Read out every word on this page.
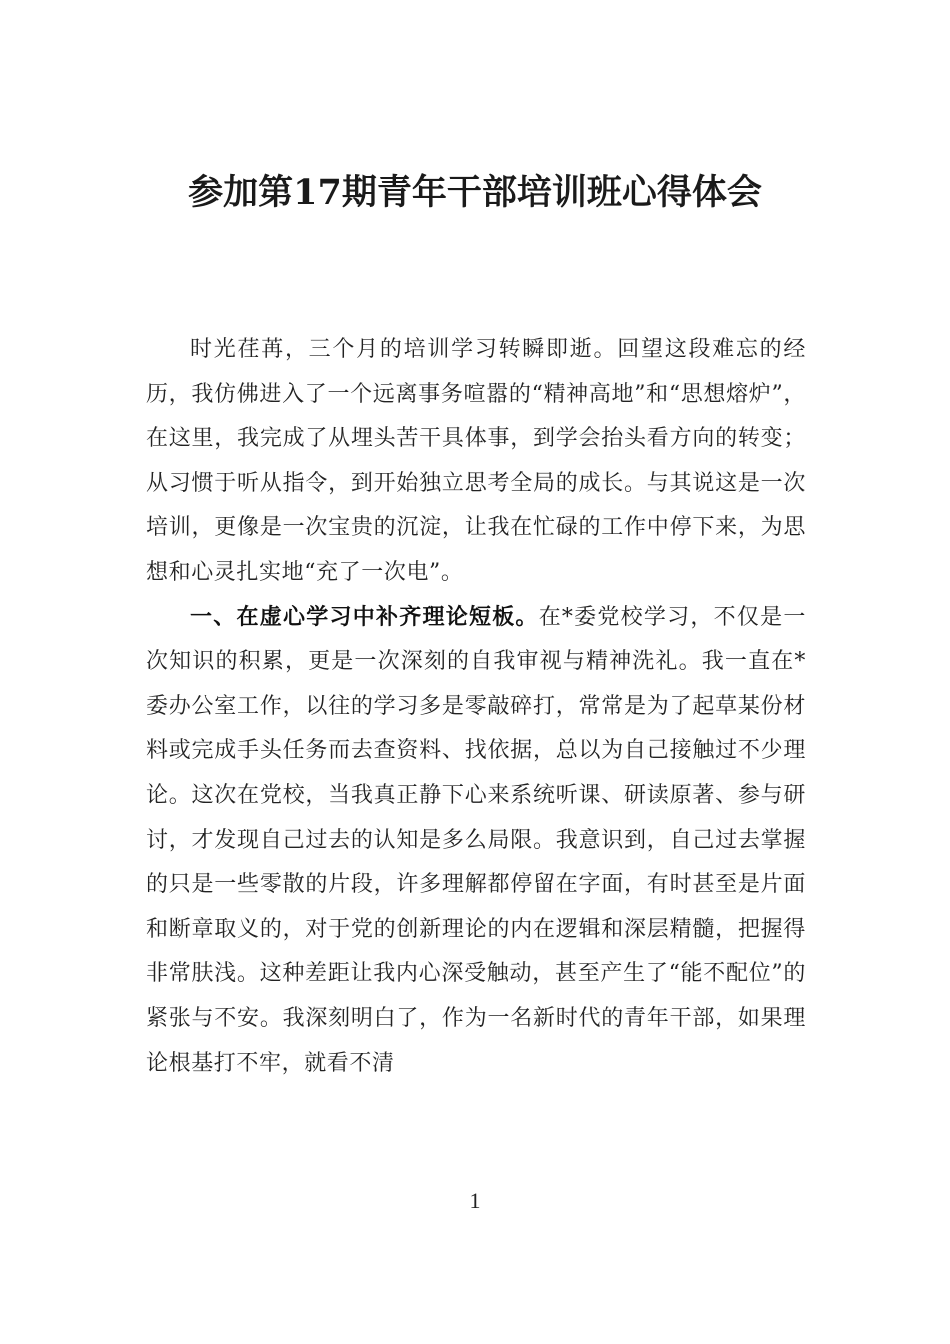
参加第17期青年干部培训班心得体会

时光荏苒，三个月的培训学习转瞬即逝。回望这段难忘的经历，我仿佛进入了一个远离事务喧嚣的“精神高地”和“思想熔炉”，在这里，我完成了从埋头苦干具体事，到学会抬头看方向的转变；从习惯于听从指令，到开始独立思考全局的成长。与其说这是一次培训，更像是一次宝贵的沉淀，让我在忙碌的工作中停下来，为思想和心灵扎实地“充了一次电”。

一、在虚心学习中补齐理论短板。在*委党校学习，不仅是一次知识的积累，更是一次深刻的自我审视与精神洗礼。我一直在*委办公室工作，以往的学习多是零敲碎打，常常是为了起草某份材料或完成手头任务而去查资料、找依据，总以为自己接触过不少理论。这次在党校，当我真正静下心来系统听课、研读原著、参与研讨，才发现自己过去的认知是多么局限。我意识到，自己过去掌握的只是一些零散的片段，许多理解都停留在字面，有时甚至是片面和断章取义的，对于党的创新理论的内在逻辑和深层精髓，把握得非常肤浅。这种差距让我内心深受触动，甚至产生了“能不配位”的紧张与不安。我深刻明白了，作为一名新时代的青年干部，如果理论根基打不牢，就看不清

1
